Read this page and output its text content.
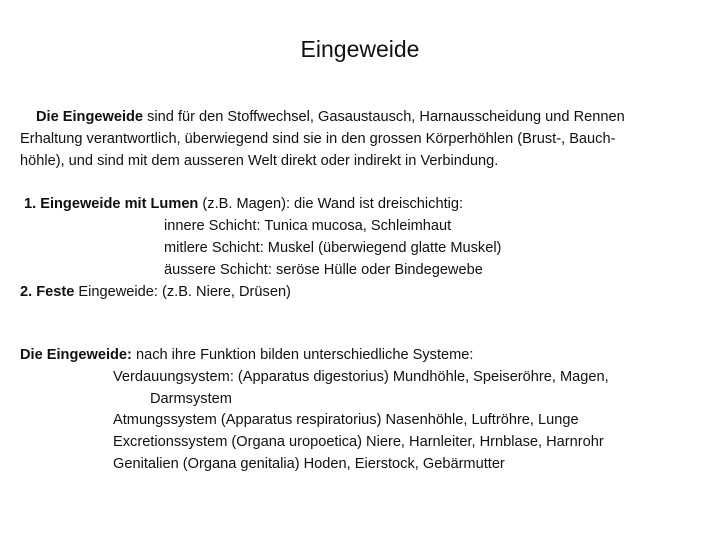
Eingeweide
Die Eingeweide sind für den Stoffwechsel, Gasaustausch, Harnausscheidung und Rennen
Erhaltung verantwortlich, überwiegend sind sie in den grossen Körperhöhlen (Brust-, Bauch-
höhle), und sind mit dem ausseren Welt direkt oder indirekt in Verbindung.
1. Eingeweide mit Lumen (z.B. Magen): die Wand ist dreischichtig:
innere Schicht: Tunica mucosa, Schleimhaut
mitlere Schicht: Muskel (überwiegend glatte Muskel)
äussere Schicht: seröse Hülle oder Bindegewebe
2. Feste Eingeweide: (z.B. Niere, Drüsen)
Die Eingeweide: nach ihre Funktion bilden unterschiedliche Systeme:
Verdauungsystem: (Apparatus digestorius) Mundhöhle, Speiseröhre, Magen,
Darmsystem
Atmungssystem (Apparatus respiratorius) Nasenhöhle, Luftröhre, Lunge
Excretionssystem (Organa uropoetica) Niere, Harnleiter, Hrnblase, Harnrohr
Genitalien (Organa genitalia) Hoden, Eierstock, Gebärmutter
